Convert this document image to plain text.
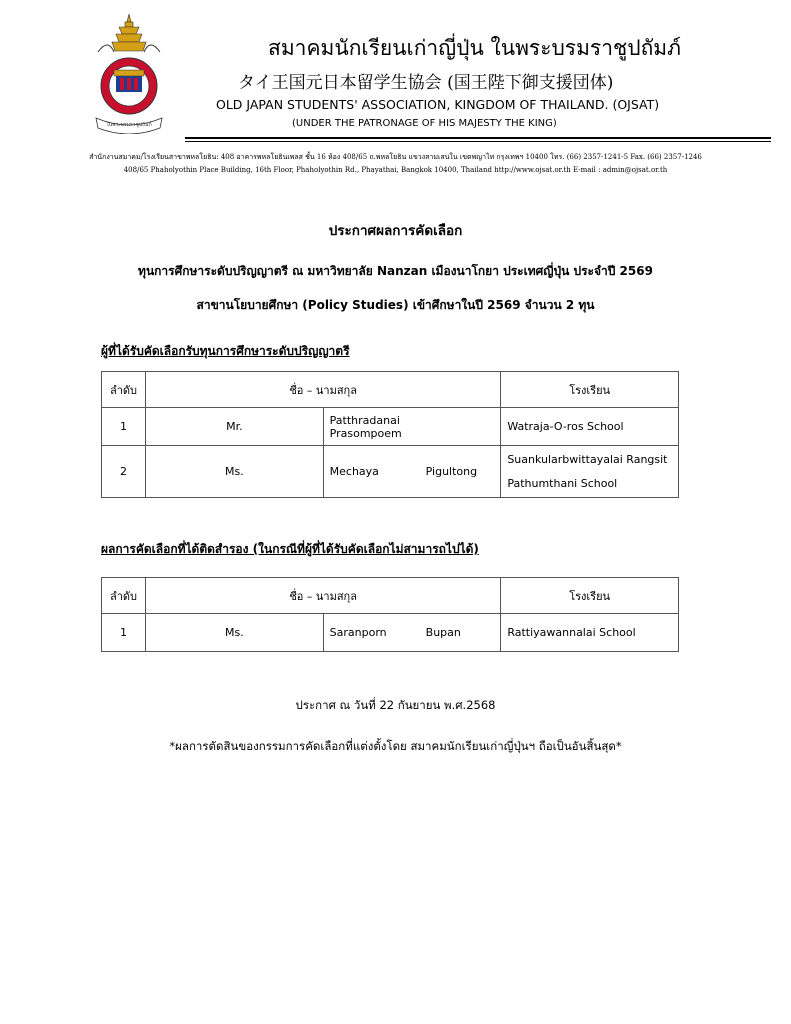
ในพระบรมราชูปถัมภ์
สมาคมนักเรียนเก่าญี่ปุ่น ในพระบรมราชูปถัมภ์
タイ王国元日本留学生協会 (国王陛下御支援団体)
OLD JAPAN STUDENTS' ASSOCIATION, KINGDOM OF THAILAND. (OJSAT)
(UNDER THE PATRONAGE OF HIS MAJESTY THE KING)
สำนักงานสมาคม/โรงเรียนสาขาพหลโยธิน: 408 อาคารพหลโยธินเพลส ชั้น 16 ห้อง 408/65 ถ.พหลโยธิน แขวงสามเสนใน เขตพญาไท กรุงเทพฯ 10400 โทร. (66) 2357-1241-5 Fax. (66) 2357-1246
408/65 Phaholyothin Place Building, 16th Floor, Phaholyothin Rd., Phayathai, Bangkok 10400, Thailand http://www.ojsat.or.th E-mail : admin@ojsat.or.th
ประกาศผลการคัดเลือก
ทุนการศึกษาระดับปริญญาตรี ณ มหาวิทยาลัย Nanzan เมืองนาโกยา ประเทศญี่ปุ่น ประจำปี 2569
สาขานโยบายศึกษา (Policy Studies) เข้าศึกษาในปี 2569 จำนวน 2 ทุน
ผู้ที่ได้รับคัดเลือกรับทุนการศึกษาระดับปริญญาตรี
ลำดับ	ชื่อ – นามสกุล		โรงเรียน
1	Mr.	PatthradanaiPrasompoem	Watraja-O-ros School
2	Ms.	Mechaya Pigultong	Suankularbwittayalai Rangsit Pathumthani School
ผลการคัดเลือกที่ได้ติดสำรอง (ในกรณีที่ผู้ที่ได้รับคัดเลือกไม่สามารถไปได้)
ลำดับ	ชื่อ – นามสกุล		โรงเรียน
1	Ms.	Saranporn Bupan	Rattiyawannalai School
ประกาศ ณ วันที่ 22 กันยายน พ.ศ.2568
*ผลการตัดสินของกรรมการคัดเลือกที่แต่งตั้งโดย สมาคมนักเรียนเก่าญี่ปุ่นฯ ถือเป็นอันสิ้นสุด*
